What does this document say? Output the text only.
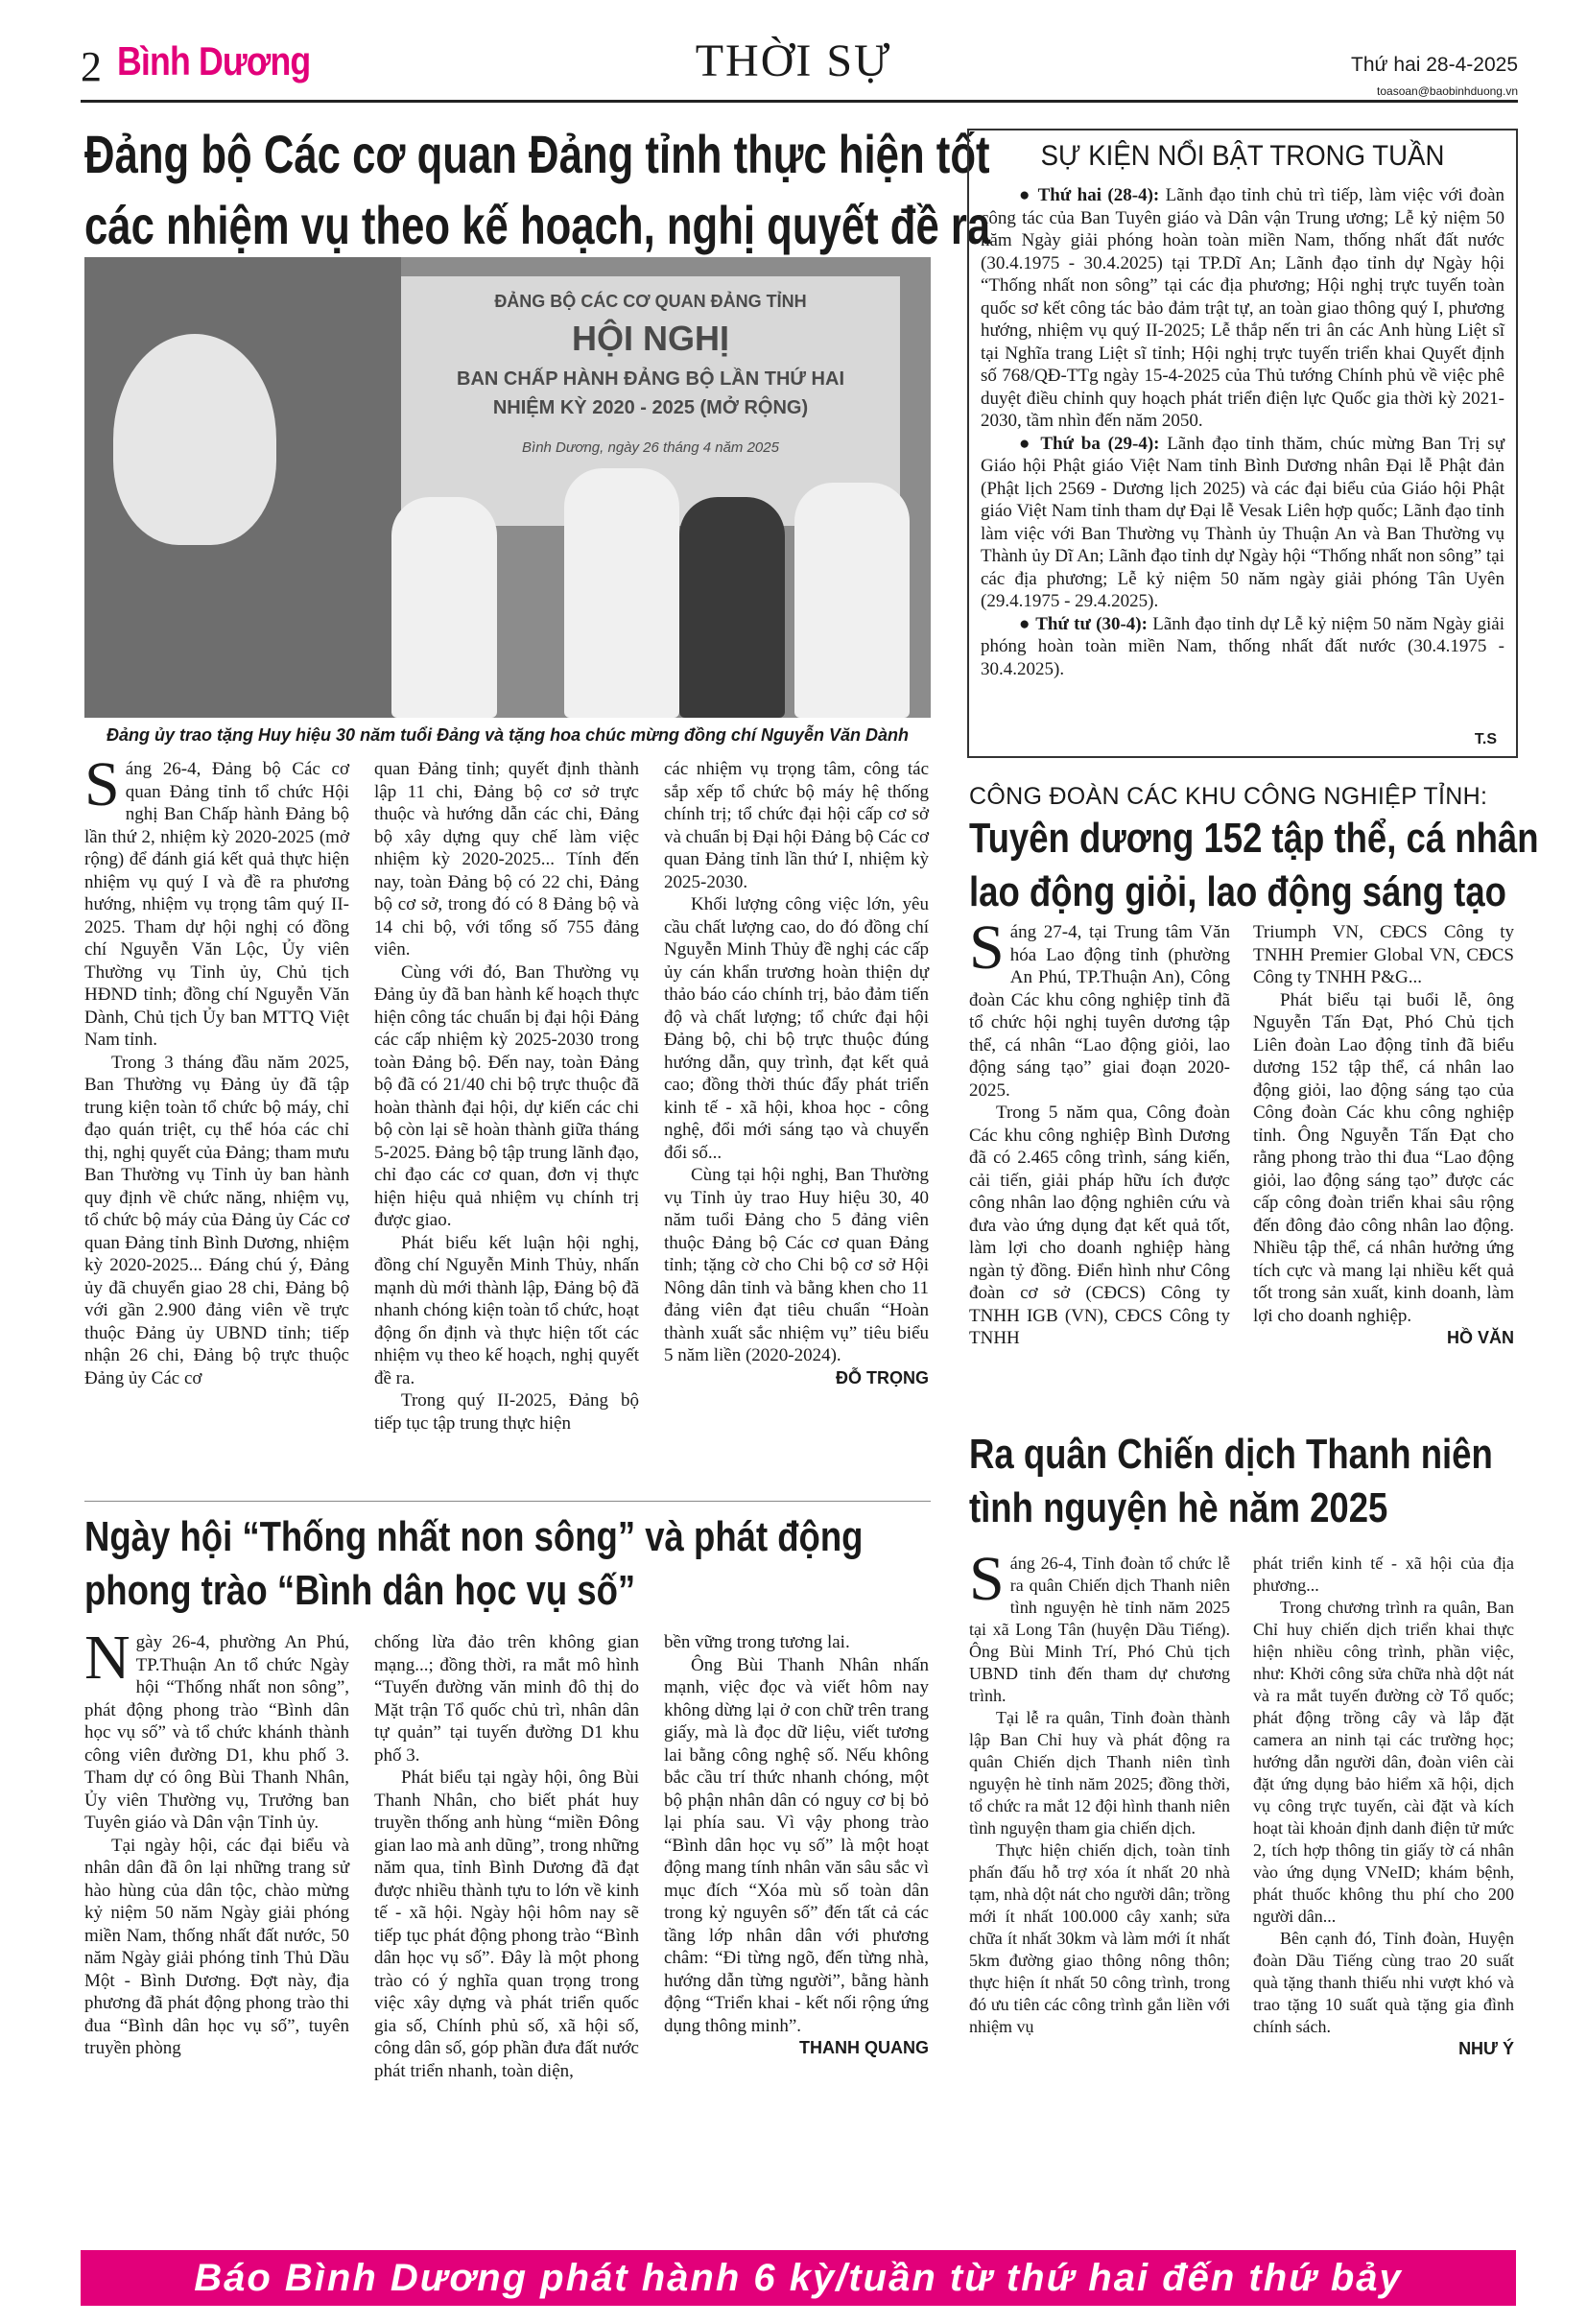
2 Bình Dương	THỜI SỰ	Thứ hai 28-4-2025
toasoan@baobinhduong.vn
Đảng bộ Các cơ quan Đảng tỉnh thực hiện tốt
các nhiệm vụ theo kế hoạch, nghị quyết đề ra
ĐẢNG BỘ CÁC CƠ QUAN ĐẢNG TỈNH
HỘI NGHỊ
BAN CHẤP HÀNH ĐẢNG BỘ LẦN THỨ HAI
NHIỆM KỲ 2020 - 2025 (MỞ RỘNG)
Bình Dương, ngày 26 tháng 4 năm 2025
Đảng ủy trao tặng Huy hiệu 30 năm tuổi Đảng và tặng hoa chúc mừng đồng chí Nguyễn Văn Dành

Sáng 26-4, Đảng bộ Các cơ quan Đảng tỉnh tổ chức Hội nghị Ban Chấp hành Đảng bộ lần thứ 2, nhiệm kỳ 2020-2025 (mở rộng) để đánh giá kết quả thực hiện nhiệm vụ quý I và đề ra phương hướng, nhiệm vụ trọng tâm quý II-2025. Tham dự hội nghị có đồng chí Nguyễn Văn Lộc, Ủy viên Thường vụ Tỉnh ủy, Chủ tịch HĐND tỉnh; đồng chí Nguyễn Văn Dành, Chủ tịch Ủy ban MTTQ Việt Nam tỉnh.

Trong 3 tháng đầu năm 2025, Ban Thường vụ Đảng ủy đã tập trung kiện toàn tổ chức bộ máy, chỉ đạo quán triệt, cụ thể hóa các chỉ thị, nghị quyết của Đảng; tham mưu Ban Thường vụ Tỉnh ủy ban hành quy định về chức năng, nhiệm vụ, tổ chức bộ máy của Đảng ủy Các cơ quan Đảng tỉnh Bình Dương, nhiệm kỳ 2020-2025... Đáng chú ý, Đảng ủy đã chuyển giao 28 chi, Đảng bộ với gần 2.900 đảng viên về trực thuộc Đảng ủy UBND tỉnh; tiếp nhận 26 chi, Đảng bộ trực thuộc Đảng ủy Các cơ

quan Đảng tỉnh; quyết định thành lập 11 chi, Đảng bộ cơ sở trực thuộc và hướng dẫn các chi, Đảng bộ xây dựng quy chế làm việc nhiệm kỳ 2020-2025... Tính đến nay, toàn Đảng bộ có 22 chi, Đảng bộ cơ sở, trong đó có 8 Đảng bộ và 14 chi bộ, với tổng số 755 đảng viên.

Cùng với đó, Ban Thường vụ Đảng ủy đã ban hành kế hoạch thực hiện công tác chuẩn bị đại hội Đảng các cấp nhiệm kỳ 2025-2030 trong toàn Đảng bộ. Đến nay, toàn Đảng bộ đã có 21/40 chi bộ trực thuộc đã hoàn thành đại hội, dự kiến các chi bộ còn lại sẽ hoàn thành giữa tháng 5-2025. Đảng bộ tập trung lãnh đạo, chỉ đạo các cơ quan, đơn vị thực hiện hiệu quả nhiệm vụ chính trị được giao.

Phát biểu kết luận hội nghị, đồng chí Nguyễn Minh Thủy, nhấn mạnh dù mới thành lập, Đảng bộ đã nhanh chóng kiện toàn tổ chức, hoạt động ổn định và thực hiện tốt các nhiệm vụ theo kế hoạch, nghị quyết đề ra.

Trong quý II-2025, Đảng bộ tiếp tục tập trung thực hiện

các nhiệm vụ trọng tâm, công tác sắp xếp tổ chức bộ máy hệ thống chính trị; tổ chức đại hội cấp cơ sở và chuẩn bị Đại hội Đảng bộ Các cơ quan Đảng tỉnh lần thứ I, nhiệm kỳ 2025-2030.

Khối lượng công việc lớn, yêu cầu chất lượng cao, do đó đồng chí Nguyễn Minh Thủy đề nghị các cấp ủy cán khẩn trương hoàn thiện dự thảo báo cáo chính trị, bảo đảm tiến độ và chất lượng; tổ chức đại hội Đảng bộ, chi bộ trực thuộc đúng hướng dẫn, quy trình, đạt kết quả cao; đồng thời thúc đẩy phát triển kinh tế - xã hội, khoa học - công nghệ, đổi mới sáng tạo và chuyển đổi số...

Cùng tại hội nghị, Ban Thường vụ Tỉnh ủy trao Huy hiệu 30, 40 năm tuổi Đảng cho 5 đảng viên thuộc Đảng bộ Các cơ quan Đảng tỉnh; tặng cờ cho Chi bộ cơ sở Hội Nông dân tỉnh và bằng khen cho 11 đảng viên đạt tiêu chuẩn “Hoàn thành xuất sắc nhiệm vụ” tiêu biểu 5 năm liền (2020-2024).

ĐỖ TRỌNG
SỰ KIỆN NỔI BẬT TRONG TUẦN

● Thứ hai (28-4): Lãnh đạo tỉnh chủ trì tiếp, làm việc với đoàn công tác của Ban Tuyên giáo và Dân vận Trung ương; Lễ kỷ niệm 50 năm Ngày giải phóng hoàn toàn miền Nam, thống nhất đất nước (30.4.1975 - 30.4.2025) tại TP.Dĩ An; Lãnh đạo tỉnh dự Ngày hội “Thống nhất non sông” tại các địa phương; Hội nghị trực tuyến toàn quốc sơ kết công tác bảo đảm trật tự, an toàn giao thông quý I, phương hướng, nhiệm vụ quý II-2025; Lễ thắp nến tri ân các Anh hùng Liệt sĩ tại Nghĩa trang Liệt sĩ tỉnh; Hội nghị trực tuyến triển khai Quyết định số 768/QĐ-TTg ngày 15-4-2025 của Thủ tướng Chính phủ về việc phê duyệt điều chỉnh quy hoạch phát triển điện lực Quốc gia thời kỳ 2021-2030, tầm nhìn đến năm 2050.

● Thứ ba (29-4): Lãnh đạo tỉnh thăm, chúc mừng Ban Trị sự Giáo hội Phật giáo Việt Nam tỉnh Bình Dương nhân Đại lễ Phật đản (Phật lịch 2569 - Dương lịch 2025) và các đại biểu của Giáo hội Phật giáo Việt Nam tỉnh tham dự Đại lễ Vesak Liên hợp quốc; Lãnh đạo tỉnh làm việc với Ban Thường vụ Thành ủy Thuận An và Ban Thường vụ Thành ủy Dĩ An; Lãnh đạo tỉnh dự Ngày hội “Thống nhất non sông” tại các địa phương; Lễ kỷ niệm 50 năm ngày giải phóng Tân Uyên (29.4.1975 - 29.4.2025).

● Thứ tư (30-4): Lãnh đạo tỉnh dự Lễ kỷ niệm 50 năm Ngày giải phóng hoàn toàn miền Nam, thống nhất đất nước (30.4.1975 - 30.4.2025).

T.S
CÔNG ĐOÀN CÁC KHU CÔNG NGHIỆP TỈNH:
Tuyên dương 152 tập thể, cá nhân
lao động giỏi, lao động sáng tạo

Sáng 27-4, tại Trung tâm Văn hóa Lao động tỉnh (phường An Phú, TP.Thuận An), Công đoàn Các khu công nghiệp tỉnh đã tổ chức hội nghị tuyên dương tập thể, cá nhân “Lao động giỏi, lao động sáng tạo” giai đoạn 2020-2025.

Trong 5 năm qua, Công đoàn Các khu công nghiệp Bình Dương đã có 2.465 công trình, sáng kiến, cải tiến, giải pháp hữu ích được công nhân lao động nghiên cứu và đưa vào ứng dụng đạt kết quả tốt, làm lợi cho doanh nghiệp hàng ngàn tỷ đồng. Điển hình như Công đoàn cơ sở (CĐCS) Công ty TNHH IGB (VN), CĐCS Công ty TNHH

Triumph VN, CĐCS Công ty TNHH Premier Global VN, CĐCS Công ty TNHH P&G...

Phát biểu tại buổi lễ, ông Nguyễn Tấn Đạt, Phó Chủ tịch Liên đoàn Lao động tỉnh đã biểu dương 152 tập thể, cá nhân lao động giỏi, lao động sáng tạo của Công đoàn Các khu công nghiệp tỉnh. Ông Nguyễn Tấn Đạt cho rằng phong trào thi đua “Lao động giỏi, lao động sáng tạo” được các cấp công đoàn triển khai sâu rộng đến đông đảo công nhân lao động. Nhiều tập thể, cá nhân hưởng ứng tích cực và mang lại nhiều kết quả tốt trong sản xuất, kinh doanh, làm lợi cho doanh nghiệp.

HỒ VĂN
Ra quân Chiến dịch Thanh niên
tình nguyện hè năm 2025

Sáng 26-4, Tỉnh đoàn tổ chức lễ ra quân Chiến dịch Thanh niên tình nguyện hè tỉnh năm 2025 tại xã Long Tân (huyện Dầu Tiếng). Ông Bùi Minh Trí, Phó Chủ tịch UBND tỉnh đến tham dự chương trình.

Tại lễ ra quân, Tỉnh đoàn thành lập Ban Chỉ huy và phát động ra quân Chiến dịch Thanh niên tình nguyện hè tỉnh năm 2025; đồng thời, tổ chức ra mắt 12 đội hình thanh niên tình nguyện tham gia chiến dịch.

Thực hiện chiến dịch, toàn tỉnh phấn đấu hỗ trợ xóa ít nhất 20 nhà tạm, nhà dột nát cho người dân; trồng mới ít nhất 100.000 cây xanh; sửa chữa ít nhất 30km và làm mới ít nhất 5km đường giao thông nông thôn; thực hiện ít nhất 50 công trình, trong đó ưu tiên các công trình gắn liền với nhiệm vụ

phát triển kinh tế - xã hội của địa phương...

Trong chương trình ra quân, Ban Chỉ huy chiến dịch triển khai thực hiện nhiều công trình, phần việc, như: Khởi công sửa chữa nhà dột nát và ra mắt tuyến đường cờ Tổ quốc; phát động trồng cây và lắp đặt camera an ninh tại các trường học; hướng dẫn người dân, đoàn viên cài đặt ứng dụng bảo hiểm xã hội, dịch vụ công trực tuyến, cài đặt và kích hoạt tài khoản định danh điện tử mức 2, tích hợp thông tin giấy tờ cá nhân vào ứng dụng VNeID; khám bệnh, phát thuốc không thu phí cho 200 người dân...

Bên cạnh đó, Tỉnh đoàn, Huyện đoàn Dầu Tiếng cùng trao 20 suất quà tặng thanh thiếu nhi vượt khó và trao tặng 10 suất quà tặng gia đình chính sách.

NHƯ Ý
Ngày hội “Thống nhất non sông” và phát động
phong trào “Bình dân học vụ số”

Ngày 26-4, phường An Phú, TP.Thuận An tổ chức Ngày hội “Thống nhất non sông”, phát động phong trào “Bình dân học vụ số” và tổ chức khánh thành công viên đường D1, khu phố 3. Tham dự có ông Bùi Thanh Nhân, Ủy viên Thường vụ, Trưởng ban Tuyên giáo và Dân vận Tỉnh ủy.

Tại ngày hội, các đại biểu và nhân dân đã ôn lại những trang sử hào hùng của dân tộc, chào mừng kỷ niệm 50 năm Ngày giải phóng miền Nam, thống nhất đất nước, 50 năm Ngày giải phóng tỉnh Thủ Dầu Một - Bình Dương. Đợt này, địa phương đã phát động phong trào thi đua “Bình dân học vụ số”, tuyên truyền phòng

chống lừa đảo trên không gian mạng...; đồng thời, ra mắt mô hình “Tuyến đường văn minh đô thị do Mặt trận Tổ quốc chủ trì, nhân dân tự quản” tại tuyến đường D1 khu phố 3.

Phát biểu tại ngày hội, ông Bùi Thanh Nhân, cho biết phát huy truyền thống anh hùng “miền Đông gian lao mà anh dũng”, trong những năm qua, tỉnh Bình Dương đã đạt được nhiều thành tựu to lớn về kinh tế - xã hội. Ngày hội hôm nay sẽ tiếp tục phát động phong trào “Bình dân học vụ số”. Đây là một phong trào có ý nghĩa quan trọng trong việc xây dựng và phát triển quốc gia số, Chính phủ số, xã hội số, công dân số, góp phần đưa đất nước phát triển nhanh, toàn diện,

bền vững trong tương lai.

Ông Bùi Thanh Nhân nhấn mạnh, việc đọc và viết hôm nay không dừng lại ở con chữ trên trang giấy, mà là đọc dữ liệu, viết tương lai bằng công nghệ số. Nếu không bắc cầu trí thức nhanh chóng, một bộ phận nhân dân có nguy cơ bị bỏ lại phía sau. Vì vậy phong trào “Bình dân học vụ số” là một hoạt động mang tính nhân văn sâu sắc vì mục đích “Xóa mù số toàn dân trong kỷ nguyên số” đến tất cả các tầng lớp nhân dân với phương châm: “Đi từng ngõ, đến từng nhà, hướng dẫn từng người”, bằng hành động “Triển khai - kết nối rộng ứng dụng thông minh”.

THANH QUANG
Báo Bình Dương phát hành 6 kỳ/tuần từ thứ hai đến thứ bảy
